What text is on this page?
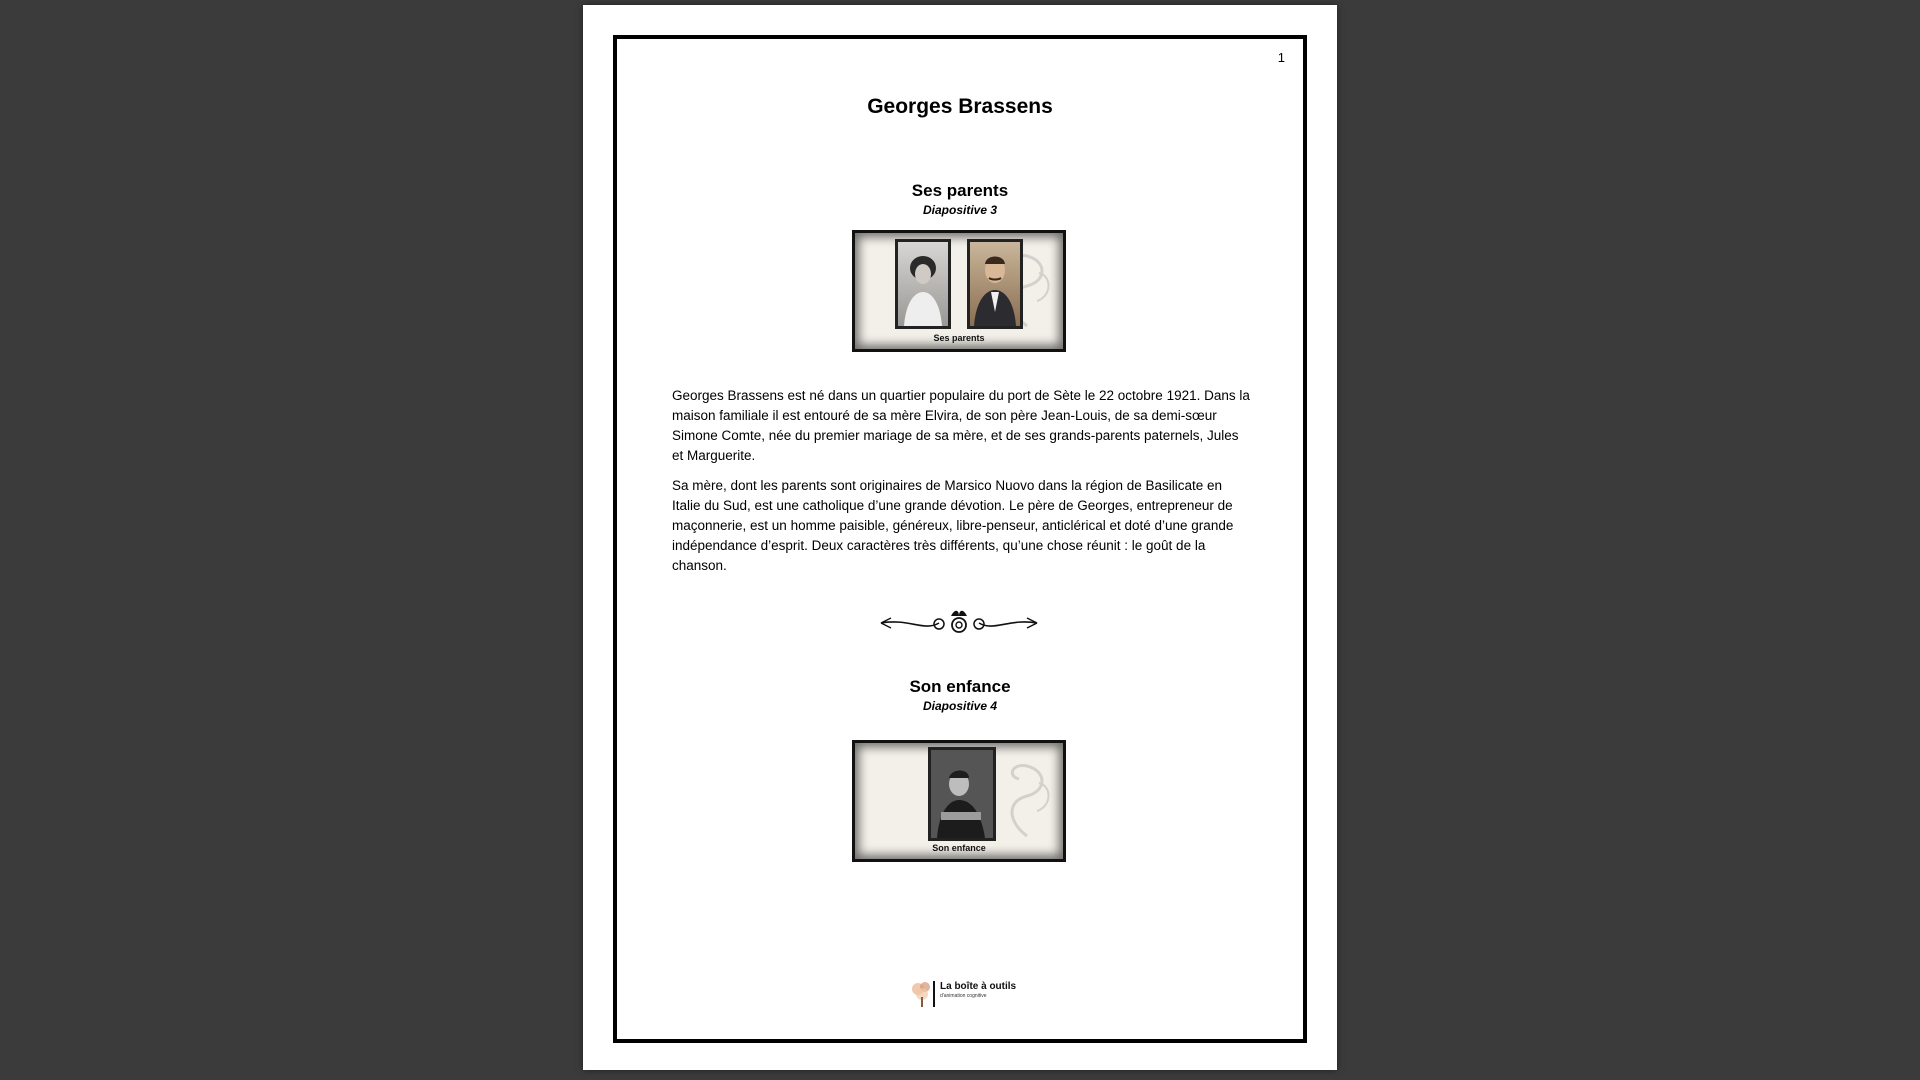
1
Georges Brassens
Ses parents
Diapositive 3
Ses parents

Georges Brassens est né dans un quartier populaire du port de Sète le 22 octobre 1921. Dans la maison familiale il est entouré de sa mère Elvira, de son père Jean-Louis, de sa demi-sœur Simone Comte, née du premier mariage de sa mère, et de ses grands-parents paternels, Jules et Marguerite.

Sa mère, dont les parents sont originaires de Marsico Nuovo dans la région de Basilicate en Italie du Sud, est une catholique d’une grande dévotion. Le père de Georges, entrepreneur de maçonnerie, est un homme paisible, généreux, libre-penseur, anticlérical et doté d’une grande indépendance d’esprit. Deux caractères très différents, qu’une chose réunit : le goût de la chanson.

Son enfance
Diapositive 4
Son enfance
La boîte à outils
d'animation cognitive
